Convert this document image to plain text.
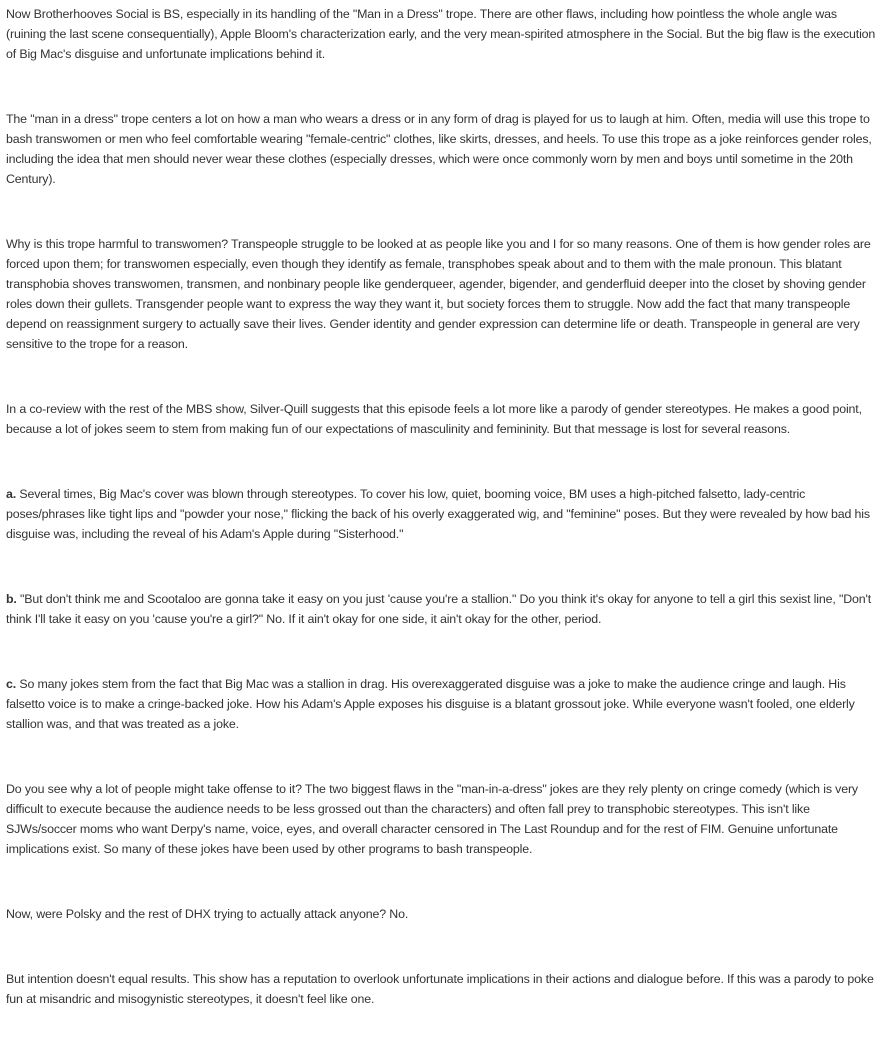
Now Brotherhooves Social is BS, especially in its handling of the "Man in a Dress" trope. There are other flaws, including how pointless the whole angle was (ruining the last scene consequentially), Apple Bloom's characterization early, and the very mean-spirited atmosphere in the Social. But the big flaw is the execution of Big Mac's disguise and unfortunate implications behind it.

The "man in a dress" trope centers a lot on how a man who wears a dress or in any form of drag is played for us to laugh at him. Often, media will use this trope to bash transwomen or men who feel comfortable wearing "female-centric" clothes, like skirts, dresses, and heels. To use this trope as a joke reinforces gender roles, including the idea that men should never wear these clothes (especially dresses, which were once commonly worn by men and boys until sometime in the 20th Century).

Why is this trope harmful to transwomen? Transpeople struggle to be looked at as people like you and I for so many reasons. One of them is how gender roles are forced upon them; for transwomen especially, even though they identify as female, transphobes speak about and to them with the male pronoun. This blatant transphobia shoves transwomen, transmen, and nonbinary people like genderqueer, agender, bigender, and genderfluid deeper into the closet by shoving gender roles down their gullets. Transgender people want to express the way they want it, but society forces them to struggle. Now add the fact that many transpeople depend on reassignment surgery to actually save their lives. Gender identity and gender expression can determine life or death. Transpeople in general are very sensitive to the trope for a reason.

In a co-review with the rest of the MBS show, Silver-Quill suggests that this episode feels a lot more like a parody of gender stereotypes. He makes a good point, because a lot of jokes seem to stem from making fun of our expectations of masculinity and femininity. But that message is lost for several reasons.

a. Several times, Big Mac's cover was blown through stereotypes. To cover his low, quiet, booming voice, BM uses a high-pitched falsetto, lady-centric poses/phrases like tight lips and "powder your nose," flicking the back of his overly exaggerated wig, and "feminine" poses. But they were revealed by how bad his disguise was, including the reveal of his Adam's Apple during "Sisterhood."

b. "But don't think me and Scootaloo are gonna take it easy on you just 'cause you're a stallion." Do you think it's okay for anyone to tell a girl this sexist line, "Don't think I'll take it easy on you 'cause you're a girl?" No. If it ain't okay for one side, it ain't okay for the other, period.

c. So many jokes stem from the fact that Big Mac was a stallion in drag. His overexaggerated disguise was a joke to make the audience cringe and laugh. His falsetto voice is to make a cringe-backed joke. How his Adam's Apple exposes his disguise is a blatant grossout joke. While everyone wasn't fooled, one elderly stallion was, and that was treated as a joke.

Do you see why a lot of people might take offense to it? The two biggest flaws in the "man-in-a-dress" jokes are they rely plenty on cringe comedy (which is very difficult to execute because the audience needs to be less grossed out than the characters) and often fall prey to transphobic stereotypes. This isn't like SJWs/soccer moms who want Derpy's name, voice, eyes, and overall character censored in The Last Roundup and for the rest of FIM. Genuine unfortunate implications exist. So many of these jokes have been used by other programs to bash transpeople.

Now, were Polsky and the rest of DHX trying to actually attack anyone? No.

But intention doesn't equal results. This show has a reputation to overlook unfortunate implications in their actions and dialogue before. If this was a parody to poke fun at misandric and misogynistic stereotypes, it doesn't feel like one.
